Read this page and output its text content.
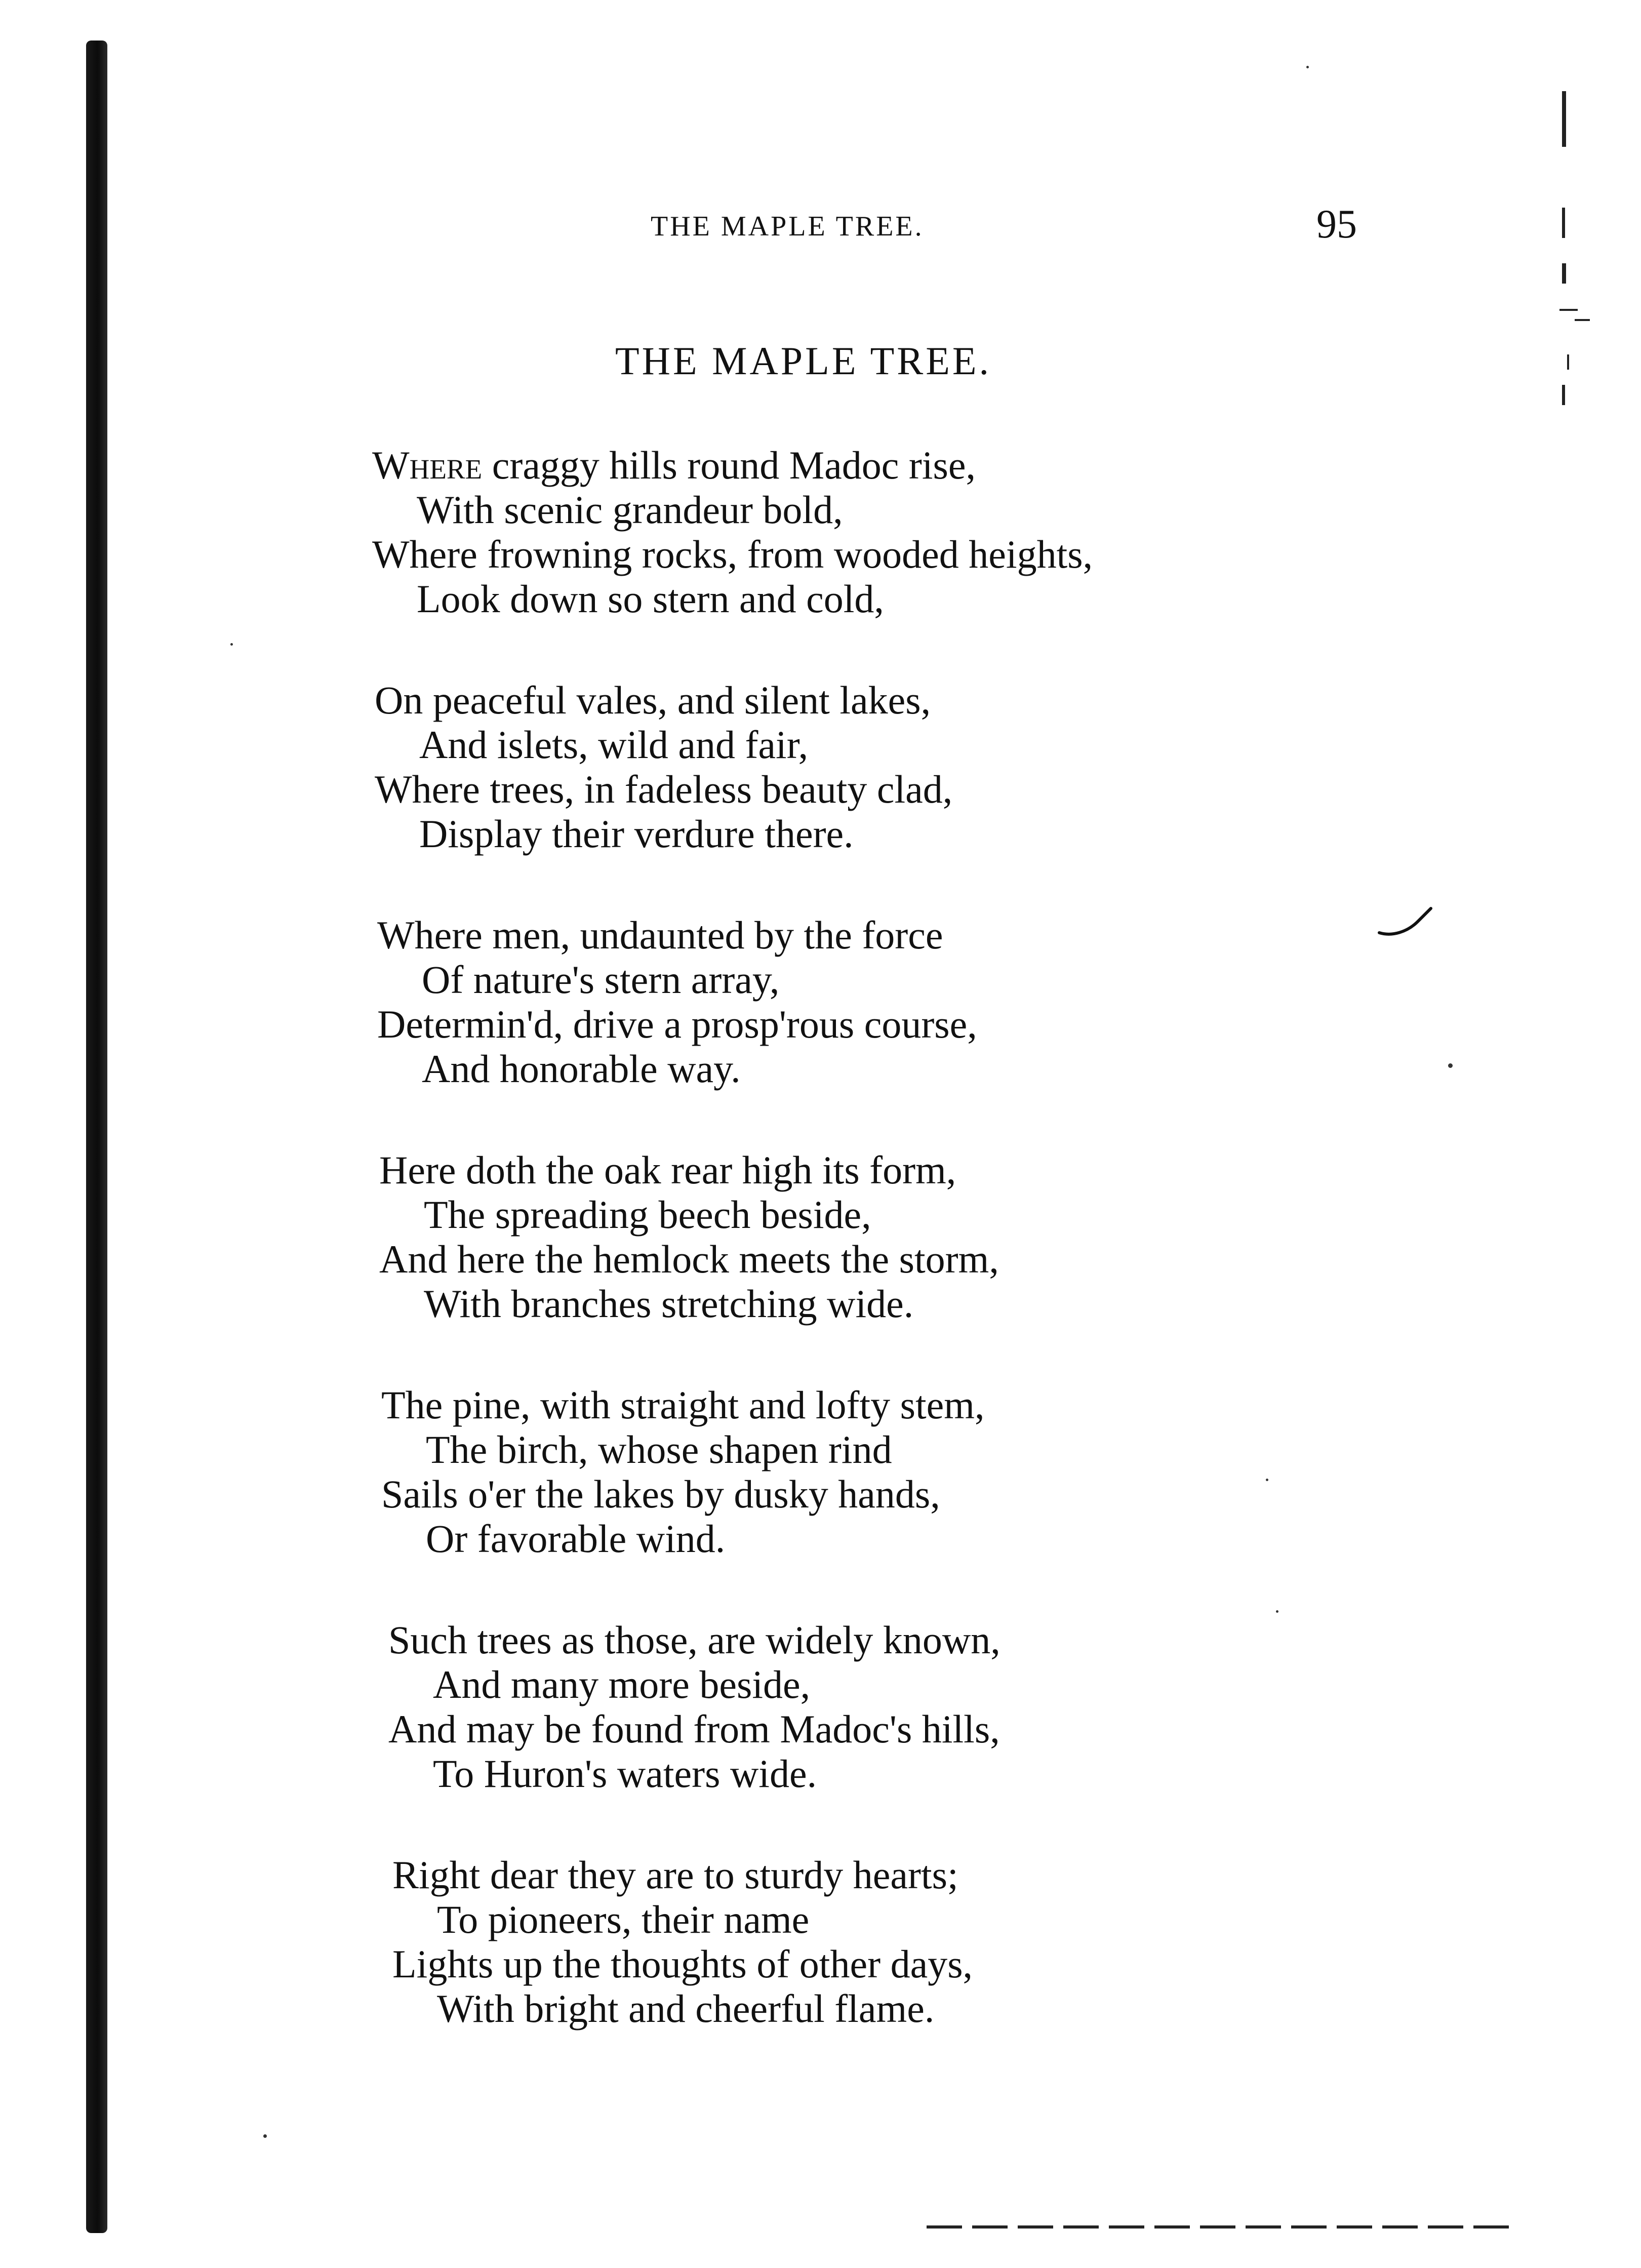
THE MAPLE TREE.	95
THE MAPLE TREE.
Where craggy hills round Madoc rise,
With scenic grandeur bold,
Where frowning rocks, from wooded heights,
Look down so stern and cold,
On peaceful vales, and silent lakes,
And islets, wild and fair,
Where trees, in fadeless beauty clad,
Display their verdure there.
Where men, undaunted by the force
Of nature's stern array,
Determin'd, drive a prosp'rous course,
And honorable way.
Here doth the oak rear high its form,
The spreading beech beside,
And here the hemlock meets the storm,
With branches stretching wide.
The pine, with straight and lofty stem,
The birch, whose shapen rind
Sails o'er the lakes by dusky hands,
Or favorable wind.
Such trees as those, are widely known,
And many more beside,
And may be found from Madoc's hills,
To Huron's waters wide.
Right dear they are to sturdy hearts;
To pioneers, their name
Lights up the thoughts of other days,
With bright and cheerful flame.
